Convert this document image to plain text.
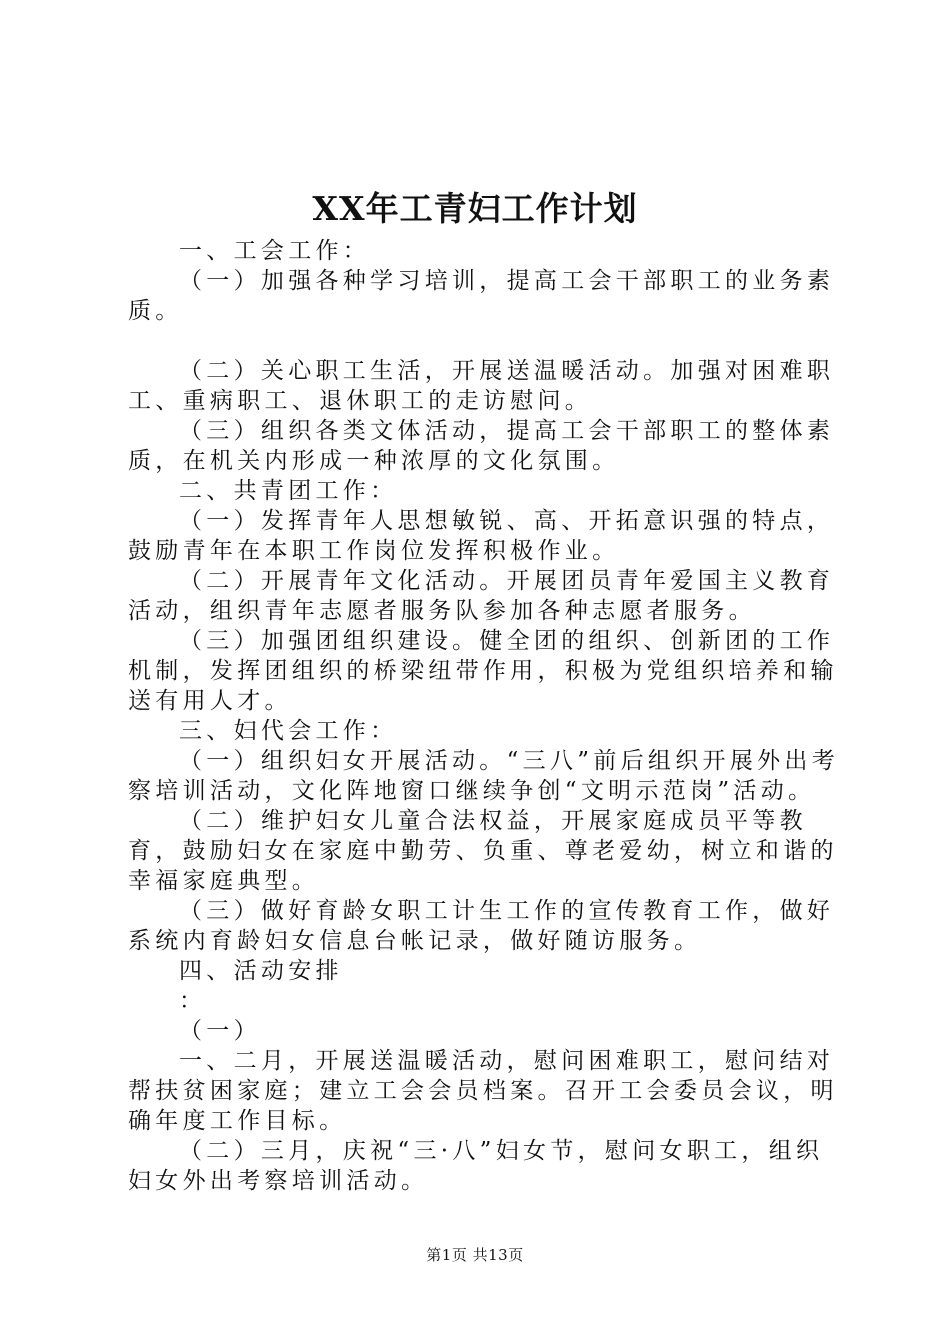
XX年工青妇工作计划

一、工会工作：

（一）加强各种学习培训，提高工会干部职工的业务素质。

（二）关心职工生活，开展送温暖活动。加强对困难职工、重病职工、退休职工的走访慰问。

（三）组织各类文体活动，提高工会干部职工的整体素质，在机关内形成一种浓厚的文化氛围。

二、共青团工作：

（一）发挥青年人思想敏锐、高、开拓意识强的特点，鼓励青年在本职工作岗位发挥积极作业。

（二）开展青年文化活动。开展团员青年爱国主义教育活动，组织青年志愿者服务队参加各种志愿者服务。

（三）加强团组织建设。健全团的组织、创新团的工作机制，发挥团组织的桥梁纽带作用，积极为党组织培养和输送有用人才。

三、妇代会工作：

（一）组织妇女开展活动。“三八”前后组织开展外出考察培训活动，文化阵地窗口继续争创“文明示范岗”活动。

（二）维护妇女儿童合法权益，开展家庭成员平等教育，鼓励妇女在家庭中勤劳、负重、尊老爱幼，树立和谐的幸福家庭典型。

（三）做好育龄女职工计生工作的宣传教育工作，做好系统内育龄妇女信息台帐记录，做好随访服务。

四、活动安排

：

（一）

一、二月，开展送温暖活动，慰问困难职工，慰问结对帮扶贫困家庭；建立工会会员档案。召开工会委员会议，明确年度工作目标。

（二）三月，庆祝“三·八”妇女节，慰问女职工，组织妇女外出考察培训活动。

第1页 共13页
